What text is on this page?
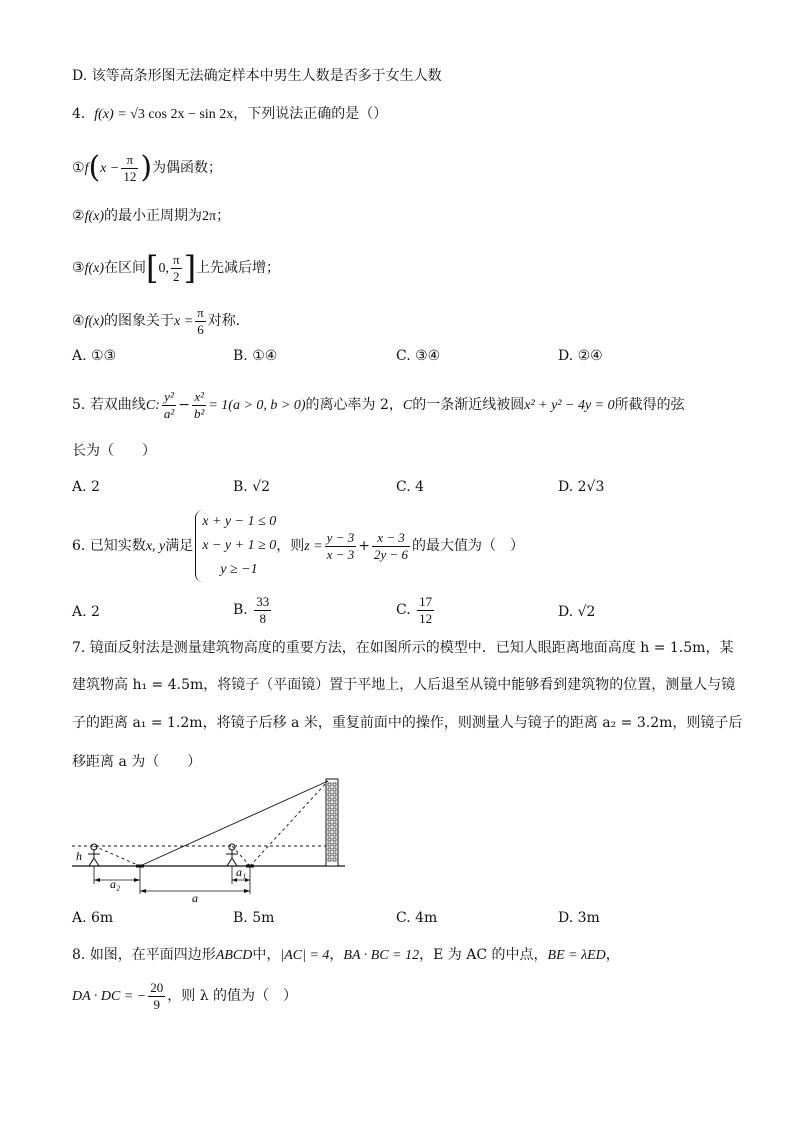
D. 该等高条形图无法确定样本中男生人数是否多于女生人数
4. f(x) = √3 cos 2x − sin 2x，下列说法正确的是（）
①f(x − $\frac{\pi}{12}$ )为偶函数；
②f(x)的最小正周期为2π；
③f(x)在区间[0, $\frac{\pi}{2}$ ]上先减后增；
④f(x)的图象关于$x = \frac{\pi}{6}$ 对称．
A. ①③	B. ①④	C. ③④	D. ②④
5. 若双曲线C: $\frac{\text{y²}}{\text{a²}} - \frac{\text{x²}}{\text{b²}} = 1(a > 0$, b > 0)的离心率为 2，C的一条渐近线被圆x² + y² − 4y = 0所截得的弦
长为（　　）
A. 2	B. √2	C. 4	D. 2√3
6. 已知实数x, y满足
x + y − 1 ≤ 0
x − y + 1 ≥ 0
y ≥ −1
，则$z = \frac{y - 3}{x - 3} + \frac{x - 3}{2y - 6}$ 的最大值为（　）
A. 2	B. $\frac{33}{8}$	C. $\frac{17}{12}$	D. √2
7. 镜面反射法是测量建筑物高度的重要方法，在如图所示的模型中．已知人眼距离地面高度 h = 1.5m，某
建筑物高 h₁ = 4.5m，将镜子（平面镜）置于平地上，人后退至从镜中能够看到建筑物的位置，测量人与镜
子的距离 a₁ = 1.2m，将镜子后移 a 米，重复前面中的操作，则测量人与镜子的距离 a₂ = 3.2m，则镜子后
移距离 a 为（　　）
h
a₂
a
a₁
A. 6m	B. 5m	C. 4m	D. 3m
8. 如图，在平面四边形ABCD中，|AC| = 4，BA · BC = 12，E 为 AC 的中点，BE = λED，
DA · DC = − $\frac{20}{9}$ ，则 λ 的值为（　）
